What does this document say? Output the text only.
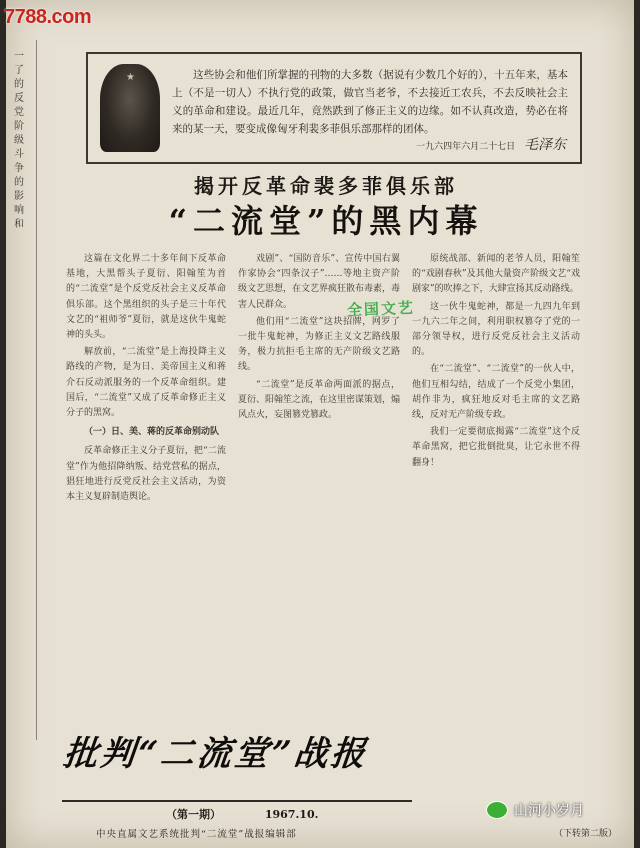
一了的反党阶级斗争的影响和
★	这些协会和他们所掌握的刊物的大多数（据说有少数几个好的），十五年来，基本上（不是一切人）不执行党的政策，做官当老爷，不去接近工农兵，不去反映社会主义的革命和建设。最近几年，竟然跌到了修正主义的边缘。如不认真改造，势必在将来的某一天，要变成像匈牙利裴多菲俱乐部那样的团体。
一九六四年六月二十七日 毛泽东
揭开反革命裴多菲俱乐部
“二流堂”的黑内幕
全国文艺

这篇在文化界二十多年间下反革命基地，大黑帮头子夏衍、阳翰笙为首的“二流堂”是个反党反社会主义反革命俱乐部。这个黑组织的头子是三十年代文艺的“祖师爷”夏衍，就是这伙牛鬼蛇神的头头。

解放前，“二流堂”是上海投降主义路线的产物，是为日、美帝国主义和蒋介石反动派服务的一个反革命组织。建国后，“二流堂”又成了反革命修正主义分子的黑窝。

（一）日、美、蒋的反革命别动队

反革命修正主义分子夏衍，把“二流堂”作为他招降纳叛、结党营私的据点，猖狂地进行反党反社会主义活动，为资本主义复辟制造舆论。

戏剧”、“国防音乐”、宣传中国右翼作家协会“四条汉子”……等地主资产阶级文艺思想，在文艺界疯狂散布毒素，毒害人民群众。

他们用“二流堂”这块招牌，网罗了一批牛鬼蛇神，为修正主义文艺路线服务，极力抗拒毛主席的无产阶级文艺路线。

“二流堂”是反革命两面派的据点，夏衍、阳翰笙之流，在这里密谋策划，煽风点火，妄图篡党篡政。

原统战部、新闻的老爷人员，阳翰笙的“戏剧春秋”及其他大量资产阶级文艺“戏剧家”的吹捧之下，大肆宣扬其反动路线。

这一伙牛鬼蛇神，都是一九四九年到一九六二年之间，利用职权篡夺了党的一部分领导权，进行反党反社会主义活动的。

在“二流堂”、“二流堂”的一伙人中，他们互相勾结，结成了一个反党小集团，胡作非为，疯狂地反对毛主席的文艺路线，反对无产阶级专政。

我们一定要彻底揭露“二流堂”这个反革命黑窝，把它批倒批臭，让它永世不得翻身！

批判“二流堂”战报
（第一期）	1967.10.
中央直属文艺系统批判“二流堂”战报编辑部	（下转第二版）
山河小岁月
7788.com
